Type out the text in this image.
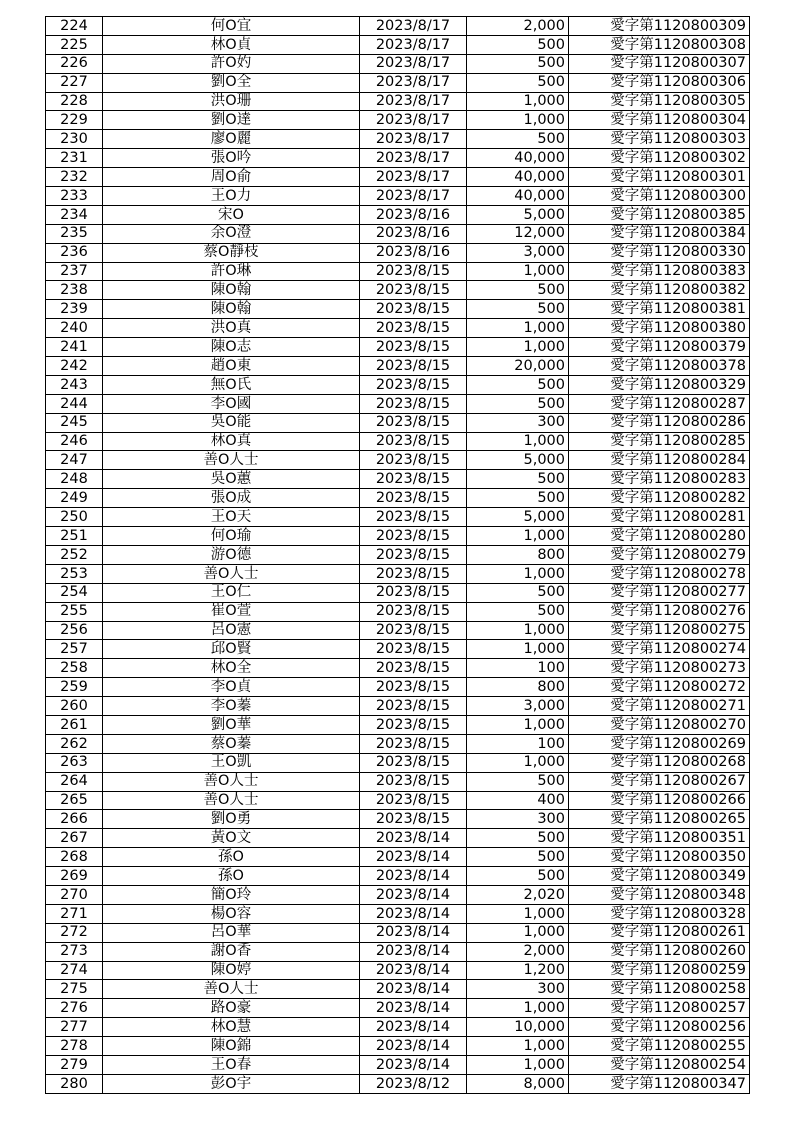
224	何O宜	2023/8/17	2,000	愛字第1120800309
225	林O貞	2023/8/17	500	愛字第1120800308
226	許O妁	2023/8/17	500	愛字第1120800307
227	劉O全	2023/8/17	500	愛字第1120800306
228	洪O珊	2023/8/17	1,000	愛字第1120800305
229	劉O達	2023/8/17	1,000	愛字第1120800304
230	廖O麗	2023/8/17	500	愛字第1120800303
231	張O吟	2023/8/17	40,000	愛字第1120800302
232	周O俞	2023/8/17	40,000	愛字第1120800301
233	王O力	2023/8/17	40,000	愛字第1120800300
234	宋O	2023/8/16	5,000	愛字第1120800385
235	余O澄	2023/8/16	12,000	愛字第1120800384
236	蔡O靜枝	2023/8/16	3,000	愛字第1120800330
237	許O琳	2023/8/15	1,000	愛字第1120800383
238	陳O翰	2023/8/15	500	愛字第1120800382
239	陳O翰	2023/8/15	500	愛字第1120800381
240	洪O真	2023/8/15	1,000	愛字第1120800380
241	陳O志	2023/8/15	1,000	愛字第1120800379
242	趙O東	2023/8/15	20,000	愛字第1120800378
243	無O氏	2023/8/15	500	愛字第1120800329
244	李O國	2023/8/15	500	愛字第1120800287
245	吳O能	2023/8/15	300	愛字第1120800286
246	林O真	2023/8/15	1,000	愛字第1120800285
247	善O人士	2023/8/15	5,000	愛字第1120800284
248	吳O蕙	2023/8/15	500	愛字第1120800283
249	張O成	2023/8/15	500	愛字第1120800282
250	王O天	2023/8/15	5,000	愛字第1120800281
251	何O瑜	2023/8/15	1,000	愛字第1120800280
252	游O德	2023/8/15	800	愛字第1120800279
253	善O人士	2023/8/15	1,000	愛字第1120800278
254	王O仁	2023/8/15	500	愛字第1120800277
255	崔O萱	2023/8/15	500	愛字第1120800276
256	呂O憲	2023/8/15	1,000	愛字第1120800275
257	邱O賢	2023/8/15	1,000	愛字第1120800274
258	林O全	2023/8/15	100	愛字第1120800273
259	李O貞	2023/8/15	800	愛字第1120800272
260	李O蓁	2023/8/15	3,000	愛字第1120800271
261	劉O華	2023/8/15	1,000	愛字第1120800270
262	蔡O蓁	2023/8/15	100	愛字第1120800269
263	王O凱	2023/8/15	1,000	愛字第1120800268
264	善O人士	2023/8/15	500	愛字第1120800267
265	善O人士	2023/8/15	400	愛字第1120800266
266	劉O勇	2023/8/15	300	愛字第1120800265
267	黃O文	2023/8/14	500	愛字第1120800351
268	孫O	2023/8/14	500	愛字第1120800350
269	孫O	2023/8/14	500	愛字第1120800349
270	簡O玲	2023/8/14	2,020	愛字第1120800348
271	楊O容	2023/8/14	1,000	愛字第1120800328
272	呂O華	2023/8/14	1,000	愛字第1120800261
273	謝O香	2023/8/14	2,000	愛字第1120800260
274	陳O婷	2023/8/14	1,200	愛字第1120800259
275	善O人士	2023/8/14	300	愛字第1120800258
276	路O豪	2023/8/14	1,000	愛字第1120800257
277	林O慧	2023/8/14	10,000	愛字第1120800256
278	陳O錦	2023/8/14	1,000	愛字第1120800255
279	王O春	2023/8/14	1,000	愛字第1120800254
280	彭O宇	2023/8/12	8,000	愛字第1120800347
